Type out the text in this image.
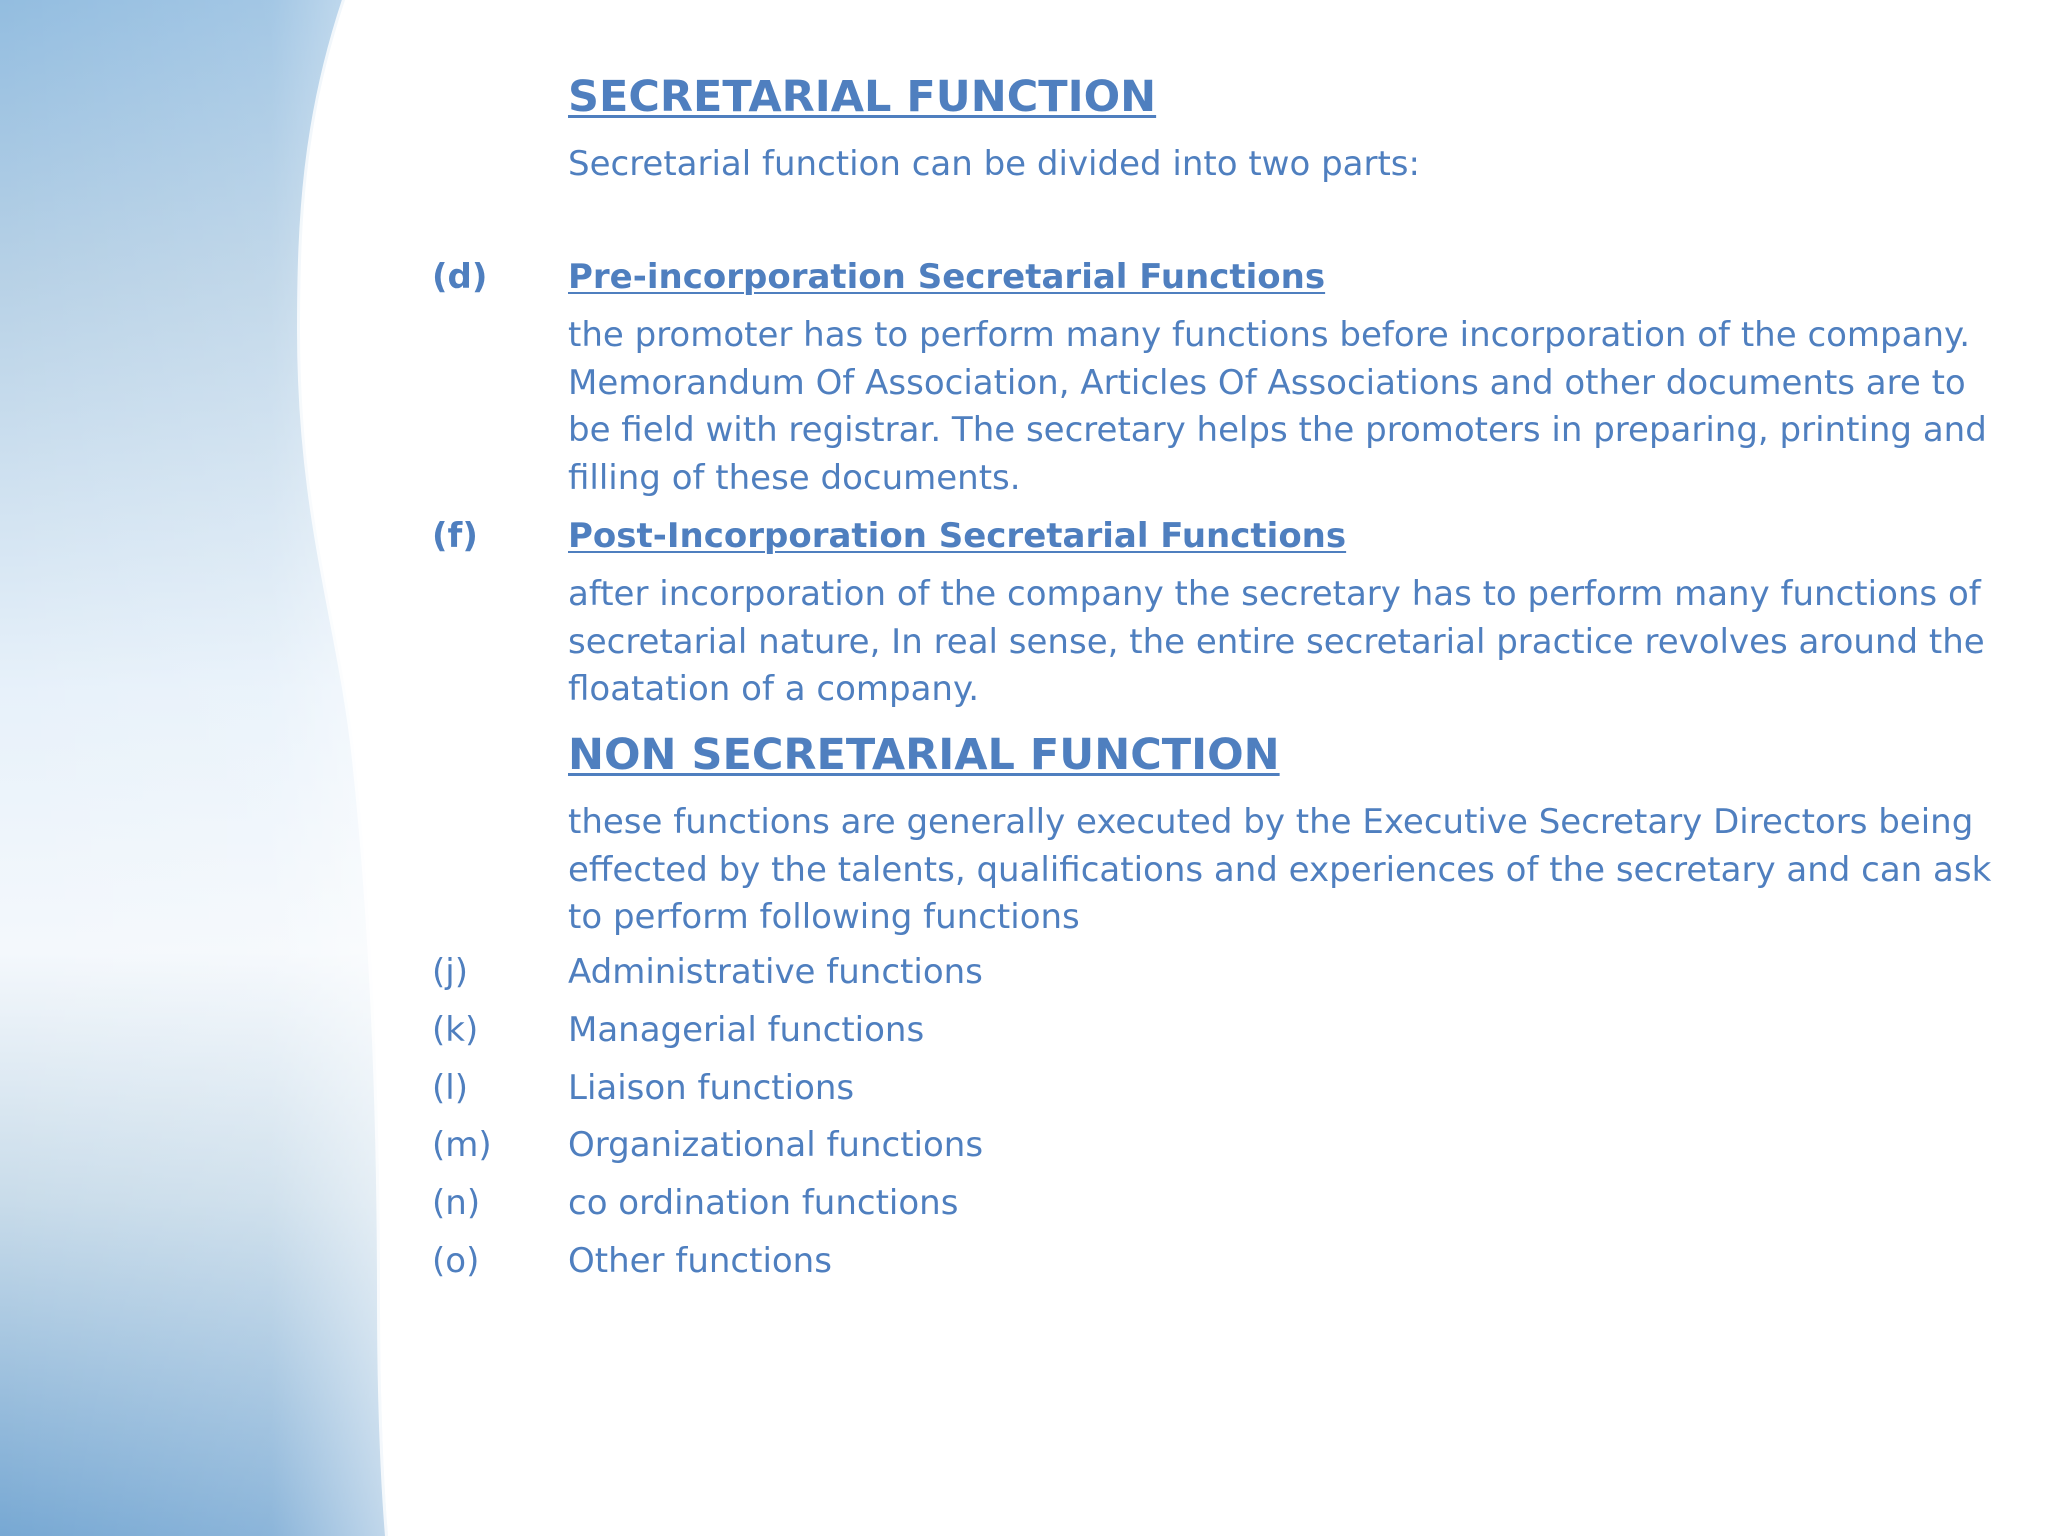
SECRETARIAL FUNCTION

Secretarial function can be divided into two parts:

(d) Pre-incorporation Secretarial Functions

the promoter has to perform many functions before incorporation of the company.

Memorandum Of Association, Articles Of Associations and other documents are to

be field with registrar. The secretary helps the promoters in preparing, printing and

filling of these documents.

(f)	Post-Incorporation Secretarial Functions

after incorporation of the company the secretary has to perform many functions of

secretarial nature, In real sense, the entire secretarial practice revolves around the

floatation of a company.

NON SECRETARIAL FUNCTION

these functions are generally executed by the Executive Secretary Directors being

effected by the talents, qualifications and experiences of the secretary and can ask

to perform following functions

(j)	Administrative functions
(k)	Managerial functions
(l)	Liaison functions
(m) Organizational functions
(n)	co ordination functions
(o)	Other functions
